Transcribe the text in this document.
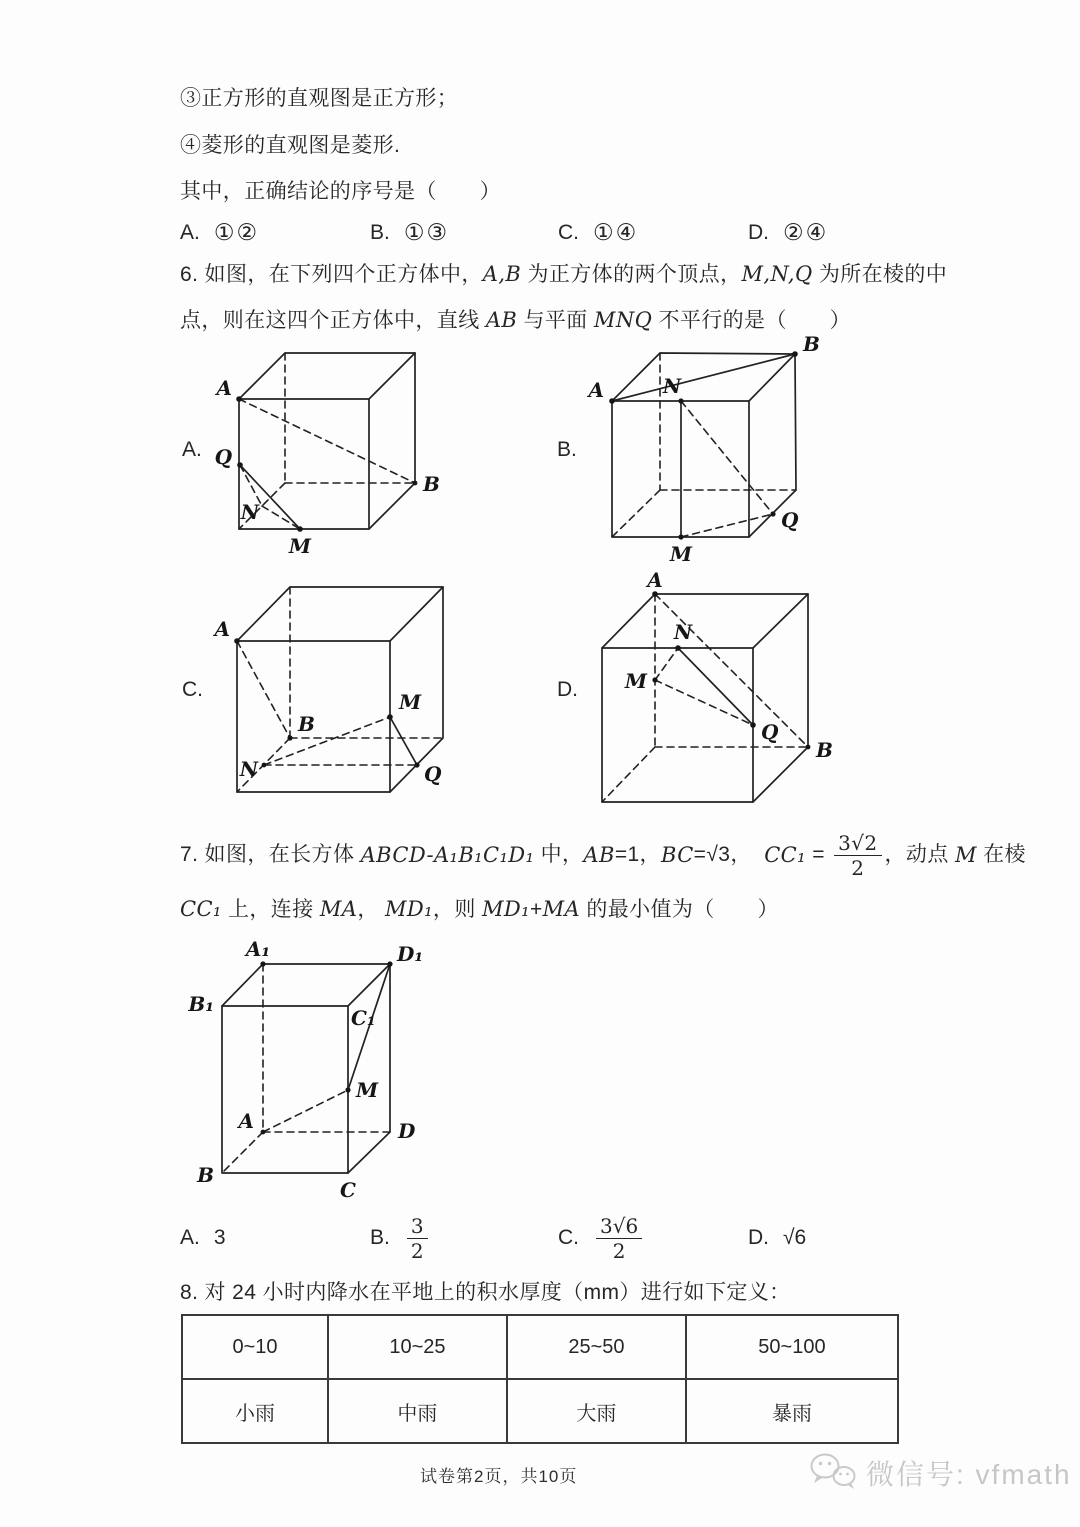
③正方形的直观图是正方形；
④菱形的直观图是菱形.
其中，正确结论的序号是（　　）
A. ①②	B. ①③	C. ①④	D. ②④
6. 如图，在下列四个正方体中，A,B 为正方体的两个顶点，M,N,Q 为所在棱的中
点，则在这四个正方体中，直线 AB 与平面 MNQ 不平行的是（　　）
A.
A
Q
N
M
B
B.
A
B
N
M
Q
C.
A
B
N
M
Q
D.
A
N
M
Q
B
7. 如图，在长方体 ABCD-A₁B₁C₁D₁ 中， AB =1， BC =√3， $CC_1 = \frac{3√2}{2}$ ，动点 M 在棱
CC₁ 上，连接 MA， MD₁，则 MD₁+MA 的最小值为（　　）
A₁	D₁
B₁
C₁
M
A	D
B
C
A. 3	B. $\frac{3}{2}$	C. $\frac{3√6}{2}$	D. √6
8. 对 24 小时内降水在平地上的积水厚度（mm）进行如下定义：
0~10	10~25	25~50	50~100
小雨	中雨	大雨	暴雨
试卷第2页，共10页	微信号: vfmath
